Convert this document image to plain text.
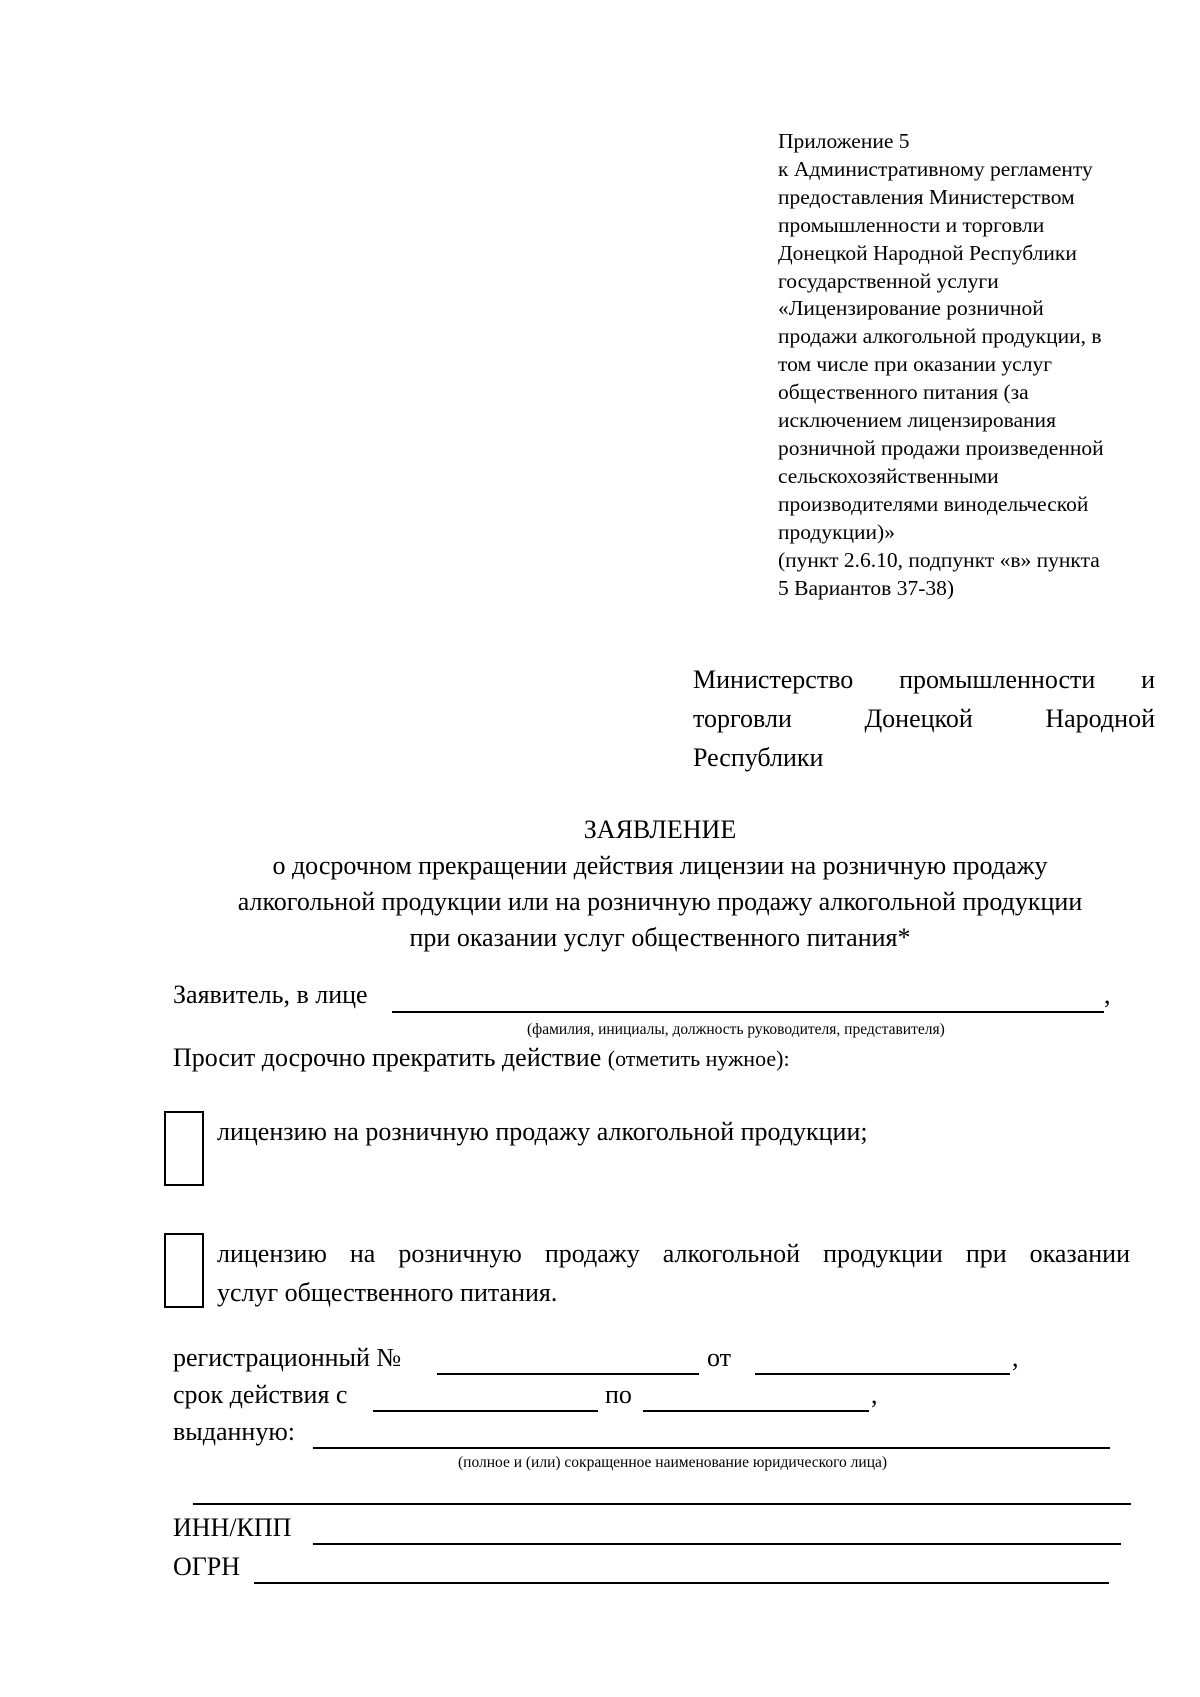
Приложение 5
к Административному регламенту
предоставления Министерством
промышленности и торговли
Донецкой Народной Республики
государственной услуги
«Лицензирование розничной
продажи алкогольной продукции, в
том числе при оказании услуг
общественного питания (за
исключением лицензирования
розничной продажи произведенной
сельскохозяйственными
производителями винодельческой
продукции)»
(пункт 2.6.10, подпункт «в» пункта
5 Вариантов 37-38)
Министерство промышленности и
торговли	Донецкой	Народной
Республики
ЗАЯВЛЕНИЕ
о досрочном прекращении действия лицензии на розничную продажу
алкогольной продукции или на розничную продажу алкогольной продукции
при оказании услуг общественного питания*
Заявитель, в лице	,
(фамилия, инициалы, должность руководителя, представителя)
Просит досрочно прекратить действие (отметить нужное):
лицензию на розничную продажу алкогольной продукции;
лицензию на розничную продажу алкогольной продукции при оказании
услуг общественного питания.
регистрационный №	от	,
срок действия с	по	,
выданную:
(полное и (или) сокращенное наименование юридического лица)
ИНН/КПП
ОГРН
